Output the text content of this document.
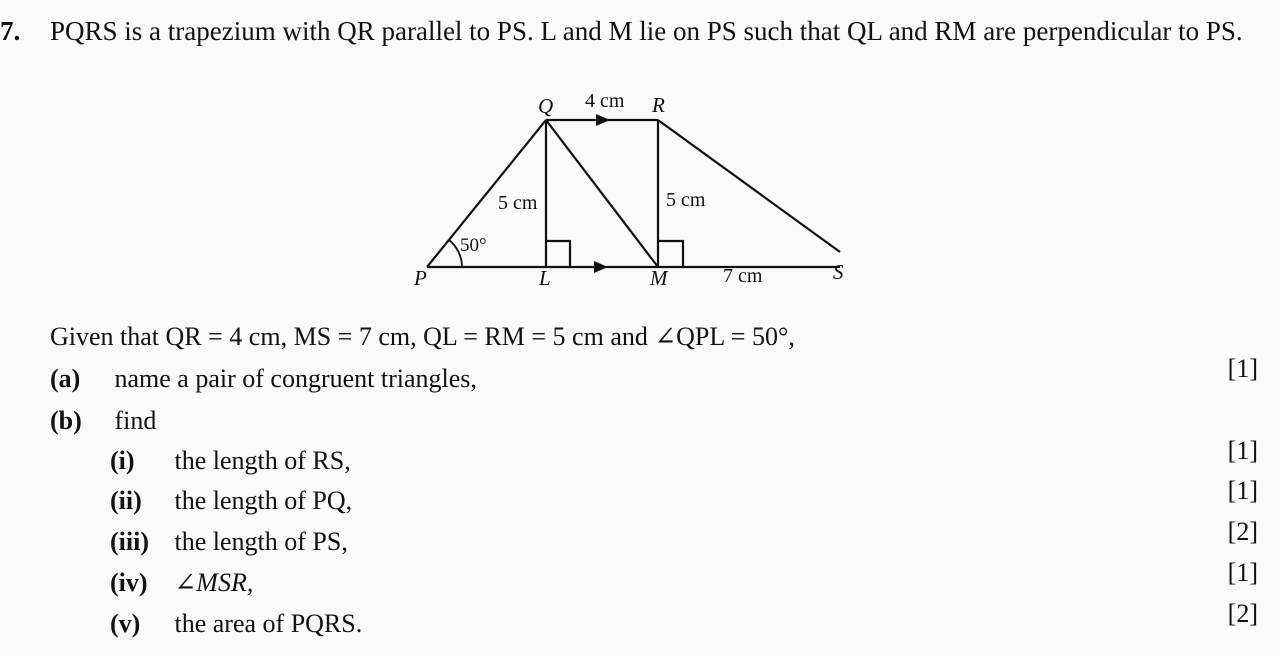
7. PQRS is a trapezium with QR parallel to PS. L and M lie on PS such that QL and RM are perpendicular to PS.
Q	R
P	L	M	S
4 cm
5 cm	5 cm
7 cm
50°
Given that QR = 4 cm, MS = 7 cm, QL = RM = 5 cm and ∠QPL = 50°,
(a) name a pair of congruent triangles,	[1]
(b) find
(i) the length of RS,	[1]
(ii) the length of PQ,	[1]
(iii) the length of PS,	[2]
(iv) ∠MSR,	[1]
(v) the area of PQRS.	[2]
